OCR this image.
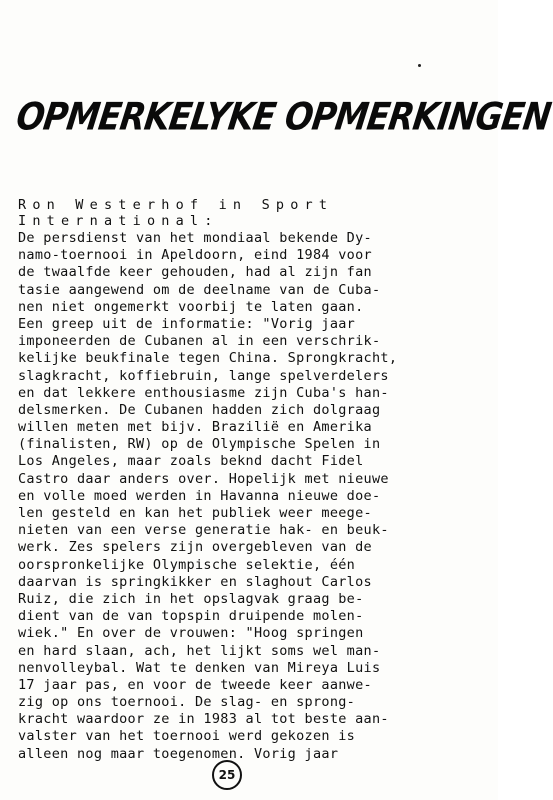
OPMERKELYKE OPMERKINGEN

Ron Westerhof in Sport
International:

De persdienst van het mondiaal bekende Dy-
namo-toernooi in Apeldoorn, eind 1984 voor
de twaalfde keer gehouden, had al zijn fan
tasie aangewend om de deelname van de Cuba-
nen niet ongemerkt voorbij te laten gaan.
Een greep uit de informatie: "Vorig jaar
imponeerden de Cubanen al in een verschrik-
kelijke beukfinale tegen China. Sprongkracht,
slagkracht, koffiebruin, lange spelverdelers
en dat lekkere enthousiasme zijn Cuba's han-
delsmerken. De Cubanen hadden zich dolgraag
willen meten met bijv. Brazilië en Amerika
(finalisten, RW) op de Olympische Spelen in
Los Angeles, maar zoals beknd dacht Fidel
Castro daar anders over. Hopelijk met nieuwe
en volle moed werden in Havanna nieuwe doe-
len gesteld en kan het publiek weer meege-
nieten van een verse generatie hak- en beuk-
werk. Zes spelers zijn overgebleven van de
oorspronkelijke Olympische selektie, één
daarvan is springkikker en slaghout Carlos
Ruiz, die zich in het opslagvak graag be-
dient van de van topspin druipende molen-
wiek." En over de vrouwen: "Hoog springen
en hard slaan, ach, het lijkt soms wel man-
nenvolleybal. Wat te denken van Mireya Luis
17 jaar pas, en voor de tweede keer aanwe-
zig op ons toernooi. De slag- en sprong-
kracht waardoor ze in 1983 al tot beste aan-
valster van het toernooi werd gekozen is
alleen nog maar toegenomen. Vorig jaar
25
